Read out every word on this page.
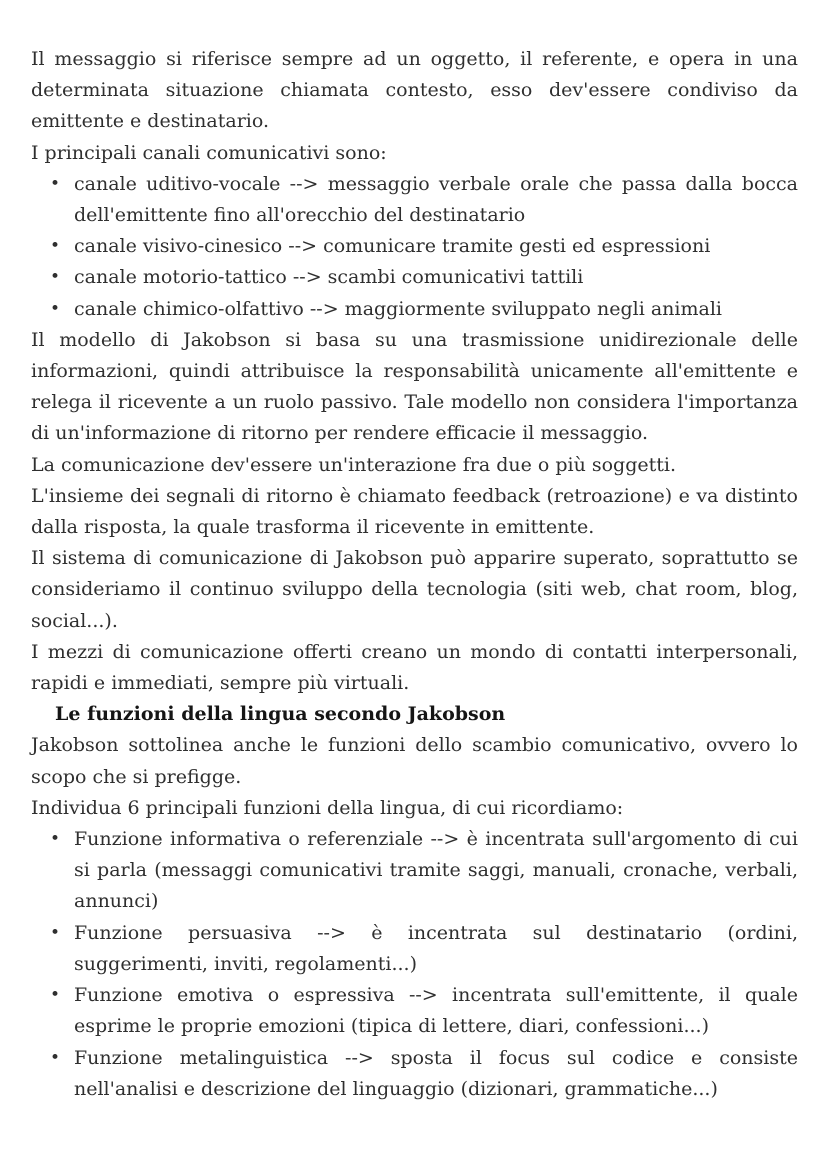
Il messaggio si riferisce sempre ad un oggetto, il referente, e opera in una determinata situazione chiamata contesto, esso dev'essere condiviso da emittente e destinatario.

I principali canali comunicativi sono:

• canale uditivo-vocale --> messaggio verbale orale che passa dalla bocca dell'emittente fino all'orecchio del destinatario
• canale visivo-cinesico --> comunicare tramite gesti ed espressioni
• canale motorio-tattico --> scambi comunicativi tattili
• canale chimico-olfattivo --> maggiormente sviluppato negli animali

Il modello di Jakobson si basa su una trasmissione unidirezionale delle informazioni, quindi attribuisce la responsabilità unicamente all'emittente e relega il ricevente a un ruolo passivo. Tale modello non considera l'importanza di un'informazione di ritorno per rendere efficacie il messaggio.

La comunicazione dev'essere un'interazione fra due o più soggetti.

L'insieme dei segnali di ritorno è chiamato feedback (retroazione) e va distinto dalla risposta, la quale trasforma il ricevente in emittente.

Il sistema di comunicazione di Jakobson può apparire superato, soprattutto se consideriamo il continuo sviluppo della tecnologia (siti web, chat room, blog, social...).

I mezzi di comunicazione offerti creano un mondo di contatti interpersonali, rapidi e immediati, sempre più virtuali.

Le funzioni della lingua secondo Jakobson

Jakobson sottolinea anche le funzioni dello scambio comunicativo, ovvero lo scopo che si prefigge.

Individua 6 principali funzioni della lingua, di cui ricordiamo:

• Funzione informativa o referenziale --> è incentrata sull'argomento di cui si parla (messaggi comunicativi tramite saggi, manuali, cronache, verbali, annunci)
• Funzione persuasiva --> è incentrata sul destinatario (ordini, suggerimenti, inviti, regolamenti...)
• Funzione emotiva o espressiva --> incentrata sull'emittente, il quale esprime le proprie emozioni (tipica di lettere, diari, confessioni...)
• Funzione metalinguistica --> sposta il focus sul codice e consiste nell'analisi e descrizione del linguaggio (dizionari, grammatiche...)
